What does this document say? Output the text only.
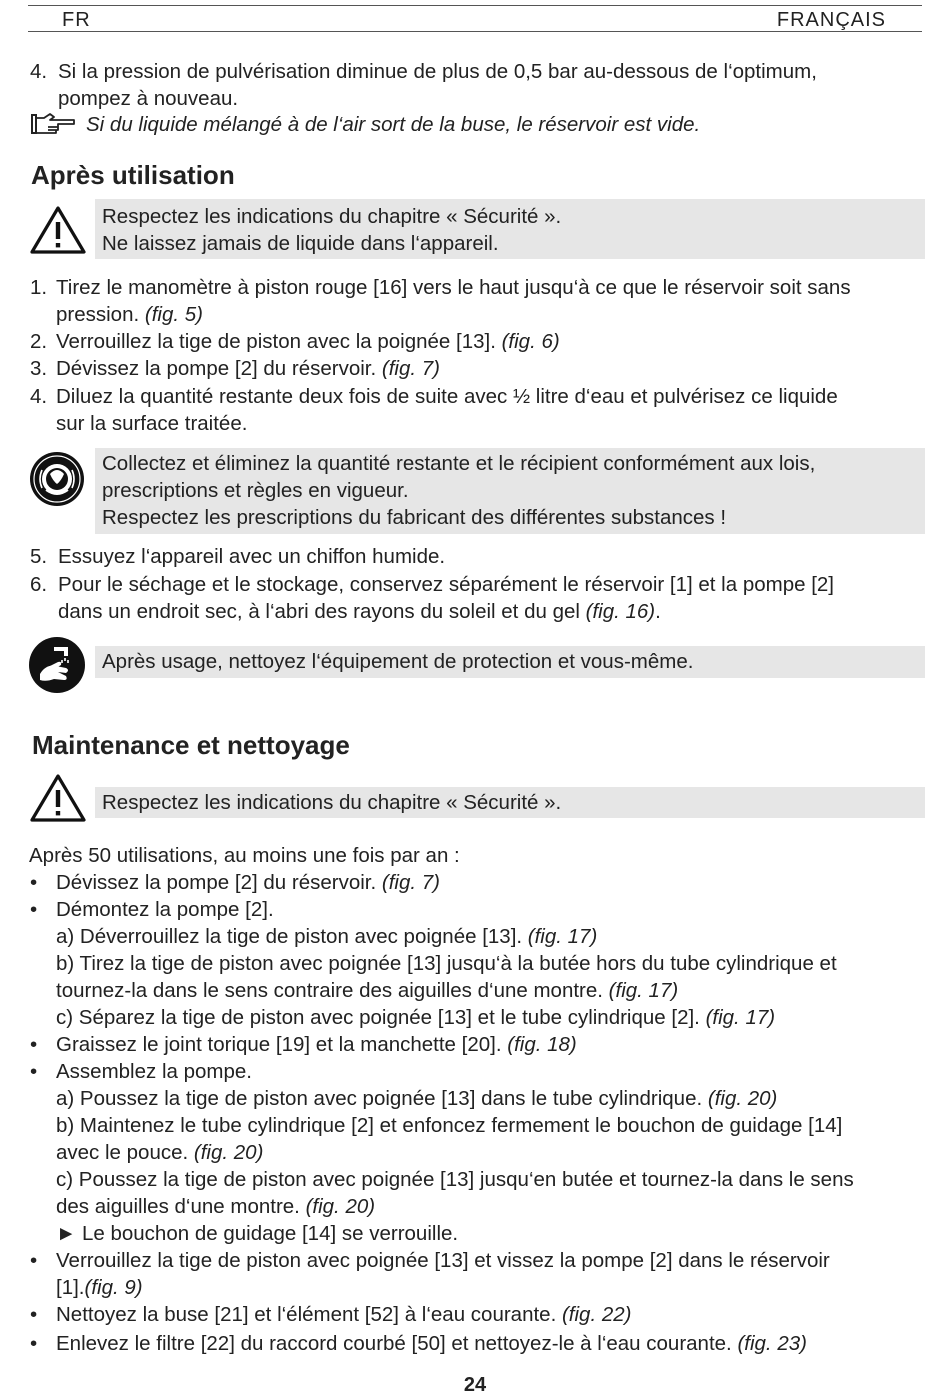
FR	FRANÇAIS
4. Si la pression de pulvérisation diminue de plus de 0,5 bar au-dessous de l‘optimum,
pompez à nouveau.
Si du liquide mélangé à de l‘air sort de la buse, le réservoir est vide.
Après utilisation
Respectez les indications du chapitre « Sécurité ».
Ne laissez jamais de liquide dans l‘appareil.
1. Tirez le manomètre à piston rouge [16] vers le haut jusqu‘à ce que le réservoir soit sans
pression. (fig. 5)
2. Verrouillez la tige de piston avec la poignée [13]. (fig. 6)
3. Dévissez la pompe [2] du réservoir. (fig. 7)
4. Diluez la quantité restante deux fois de suite avec ½ litre d‘eau et pulvérisez ce liquide
sur la surface traitée.
Collectez et éliminez la quantité restante et le récipient conformément aux lois,
prescriptions et règles en vigueur.
Respectez les prescriptions du fabricant des différentes substances !
5. Essuyez l‘appareil avec un chiffon humide.
6. Pour le séchage et le stockage, conservez séparément le réservoir [1] et la pompe [2]
dans un endroit sec, à l‘abri des rayons du soleil et du gel (fig. 16).
Après usage, nettoyez l‘équipement de protection et vous-même.
Maintenance et nettoyage
Respectez les indications du chapitre « Sécurité ».
Après 50 utilisations, au moins une fois par an :
• Dévissez la pompe [2] du réservoir. (fig. 7)
• Démontez la pompe [2].
a) Déverrouillez la tige de piston avec poignée [13]. (fig. 17)
b) Tirez la tige de piston avec poignée [13] jusqu‘à la butée hors du tube cylindrique et
tournez-la dans le sens contraire des aiguilles d‘une montre. (fig. 17)
c) Séparez la tige de piston avec poignée [13] et le tube cylindrique [2]. (fig. 17)
• Graissez le joint torique [19] et la manchette [20]. (fig. 18)
• Assemblez la pompe.
a) Poussez la tige de piston avec poignée [13] dans le tube cylindrique. (fig. 20)
b) Maintenez le tube cylindrique [2] et enfoncez fermement le bouchon de guidage [14]
avec le pouce. (fig. 20)
c) Poussez la tige de piston avec poignée [13] jusqu‘en butée et tournez-la dans le sens
des aiguilles d‘une montre. (fig. 20)
► Le bouchon de guidage [14] se verrouille.
• Verrouillez la tige de piston avec poignée [13] et vissez la pompe [2] dans le réservoir
[1].(fig. 9)
• Nettoyez la buse [21] et l‘élément [52] à l‘eau courante. (fig. 22)
• Enlevez le filtre [22] du raccord courbé [50] et nettoyez-le à l‘eau courante. (fig. 23)
24
